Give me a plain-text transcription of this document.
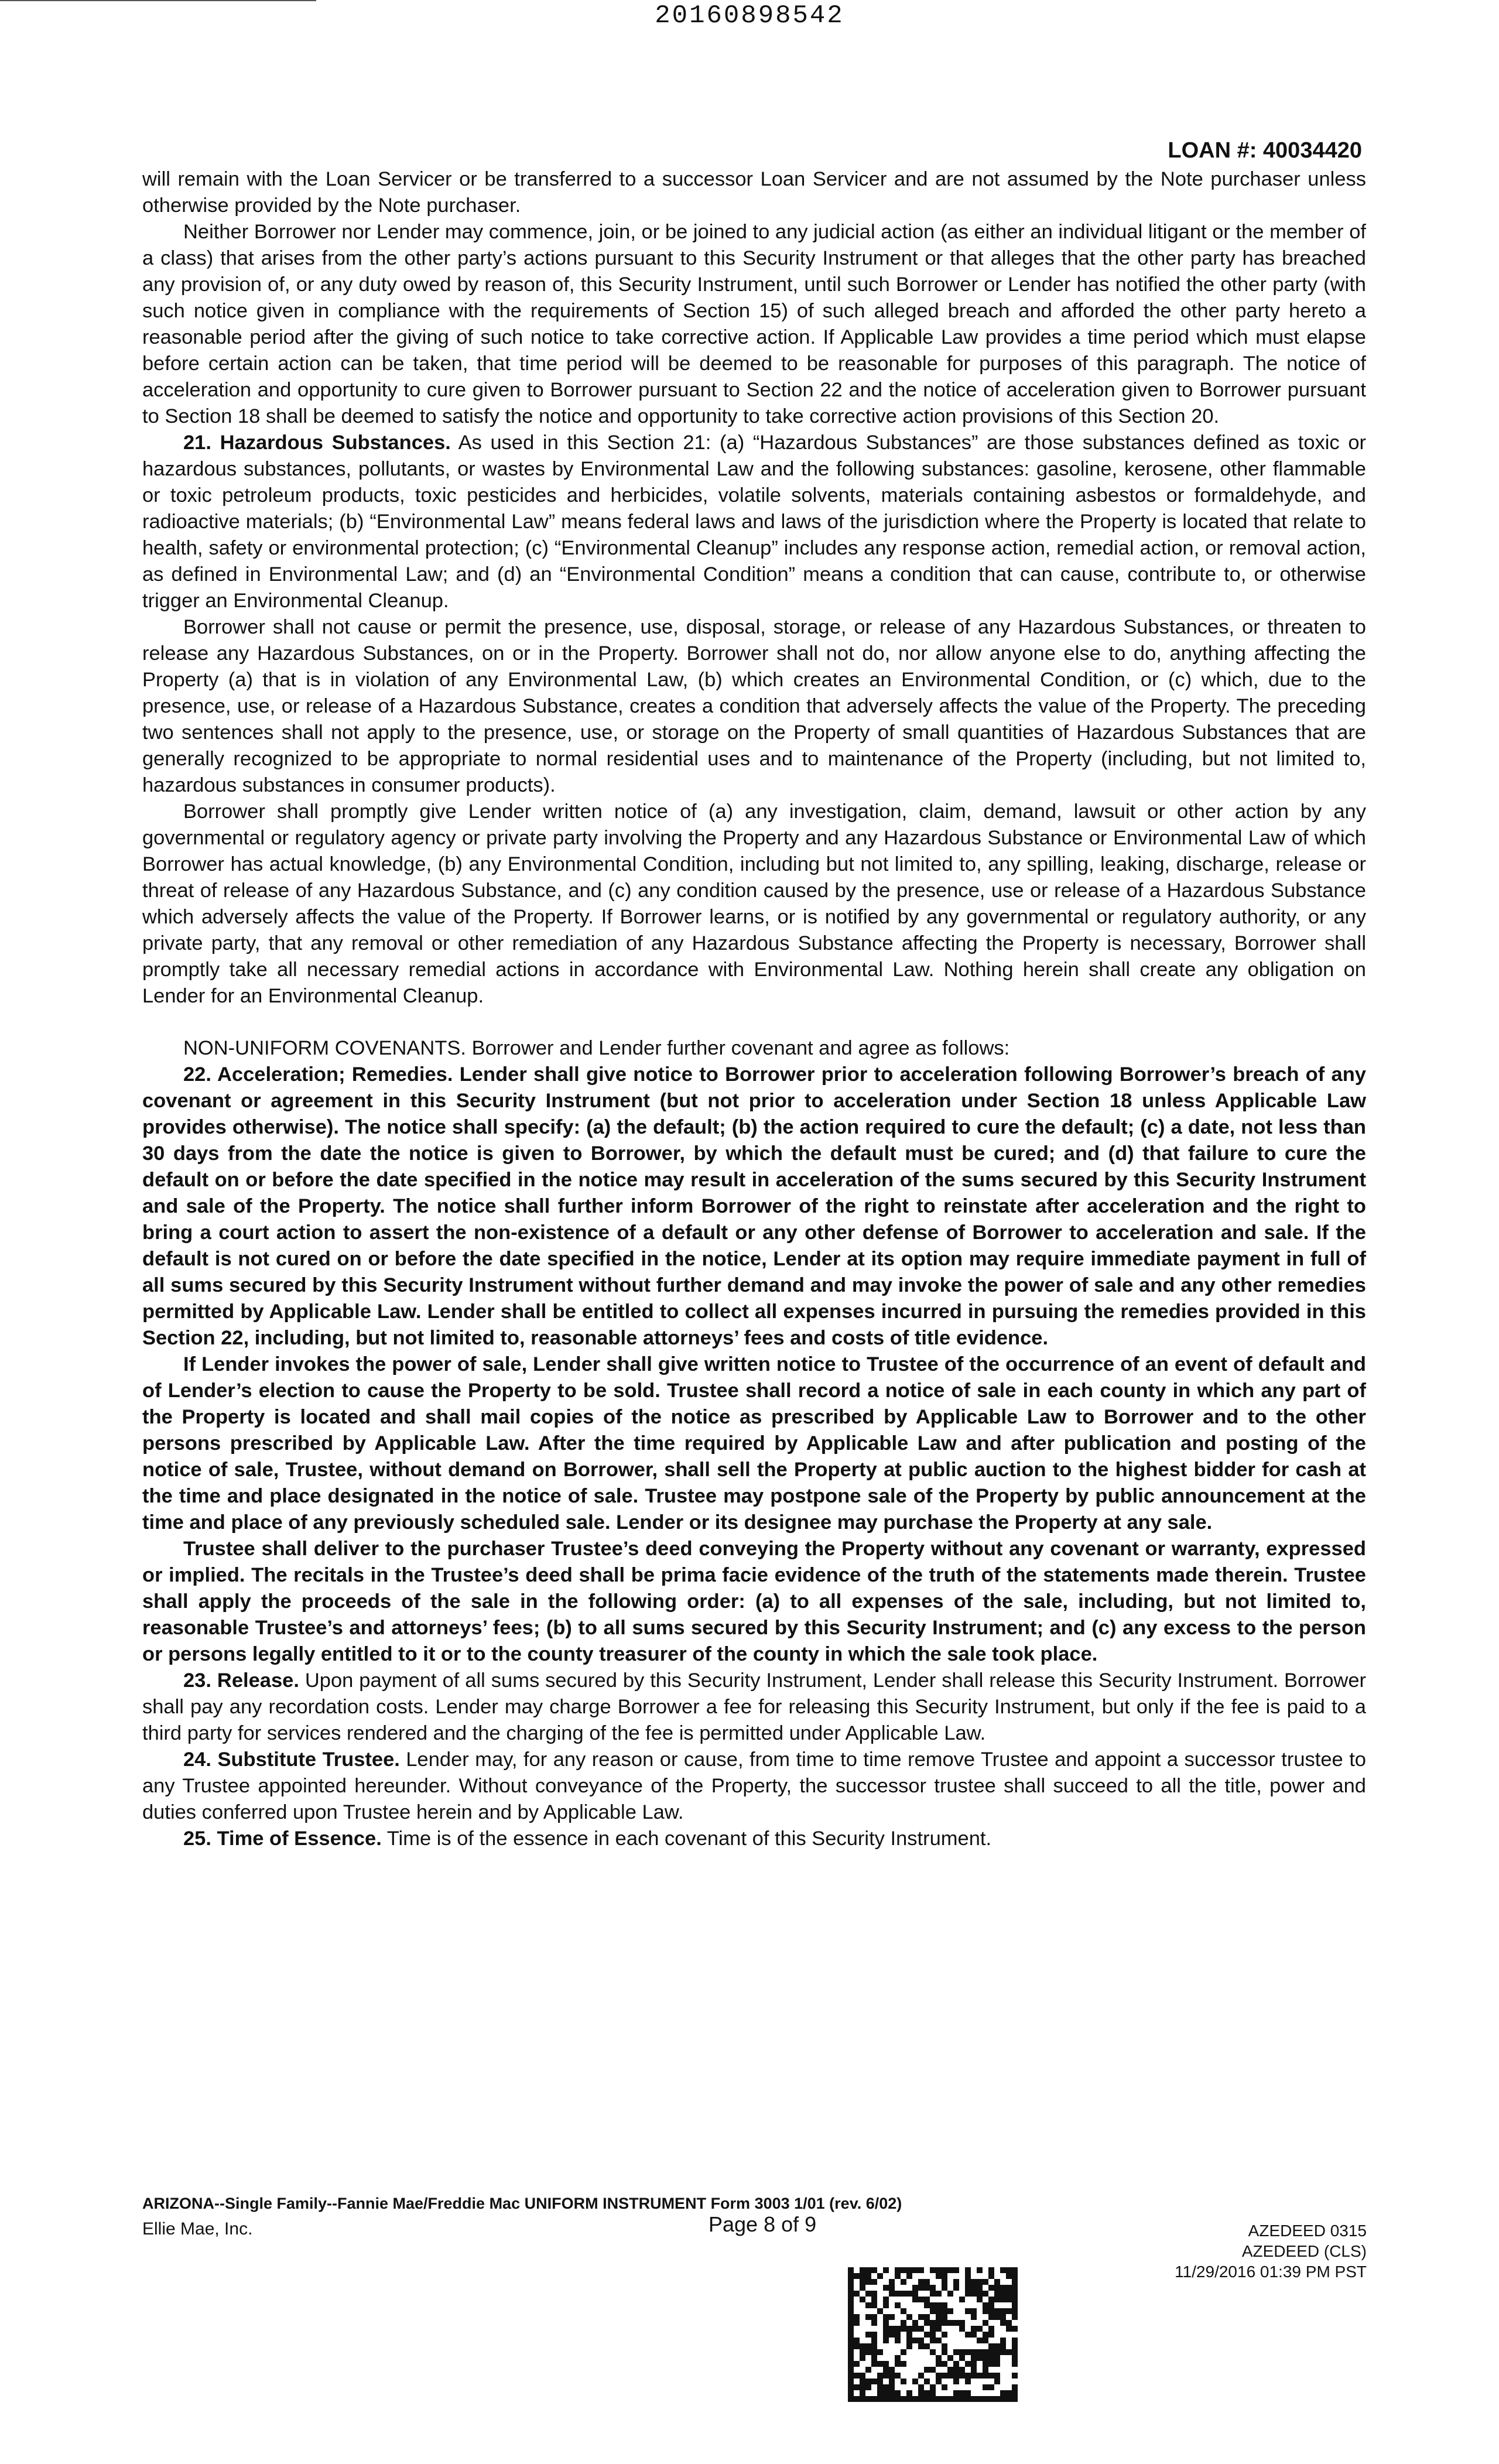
20160898542
LOAN #: 40034420

will remain with the Loan Servicer or be transferred to a successor Loan Servicer and are not assumed by the Note purchaser unless otherwise provided by the Note purchaser.

Neither Borrower nor Lender may commence, join, or be joined to any judicial action (as either an individual litigant or the member of a class) that arises from the other party’s actions pursuant to this Security Instrument or that alleges that the other party has breached any provision of, or any duty owed by reason of, this Security Instrument, until such Borrower or Lender has notified the other party (with such notice given in compliance with the requirements of Section 15) of such alleged breach and afforded the other party hereto a reasonable period after the giving of such notice to take corrective action. If Applicable Law provides a time period which must elapse before certain action can be taken, that time period will be deemed to be reasonable for purposes of this paragraph. The notice of acceleration and opportunity to cure given to Borrower pursuant to Section 22 and the notice of acceleration given to Borrower pursuant to Section 18 shall be deemed to satisfy the notice and opportunity to take corrective action provisions of this Section 20.

21. Hazardous Substances. As used in this Section 21: (a) “Hazardous Substances” are those substances defined as toxic or hazardous substances, pollutants, or wastes by Environmental Law and the following substances: gasoline, kerosene, other flammable or toxic petroleum products, toxic pesticides and herbicides, volatile solvents, materials containing asbestos or formaldehyde, and radioactive materials; (b) “Environmental Law” means federal laws and laws of the jurisdiction where the Property is located that relate to health, safety or environmental protection; (c) “Environmental Cleanup” includes any response action, remedial action, or removal action, as defined in Environmental Law; and (d) an “Environmental Condition” means a condition that can cause, contribute to, or otherwise trigger an Environmental Cleanup.

Borrower shall not cause or permit the presence, use, disposal, storage, or release of any Hazardous Substances, or threaten to release any Hazardous Substances, on or in the Property. Borrower shall not do, nor allow anyone else to do, anything affecting the Property (a) that is in violation of any Environmental Law, (b) which creates an Environmental Condition, or (c) which, due to the presence, use, or release of a Hazardous Substance, creates a condition that adversely affects the value of the Property. The preceding two sentences shall not apply to the presence, use, or storage on the Property of small quantities of Hazardous Substances that are generally recognized to be appropriate to normal residential uses and to maintenance of the Property (including, but not limited to, hazardous substances in consumer products).

Borrower shall promptly give Lender written notice of (a) any investigation, claim, demand, lawsuit or other action by any governmental or regulatory agency or private party involving the Property and any Hazardous Substance or Environmental Law of which Borrower has actual knowledge, (b) any Environmental Condition, including but not limited to, any spilling, leaking, discharge, release or threat of release of any Hazardous Substance, and (c) any condition caused by the presence, use or release of a Hazardous Substance which adversely affects the value of the Property. If Borrower learns, or is notified by any governmental or regulatory authority, or any private party, that any removal or other remediation of any Hazardous Substance affecting the Property is necessary, Borrower shall promptly take all necessary remedial actions in accordance with Environmental Law. Nothing herein shall create any obligation on Lender for an Environmental Cleanup.

NON-UNIFORM COVENANTS. Borrower and Lender further covenant and agree as follows:

22. Acceleration; Remedies. Lender shall give notice to Borrower prior to acceleration following Borrower’s breach of any covenant or agreement in this Security Instrument (but not prior to acceleration under Section 18 unless Applicable Law provides otherwise). The notice shall specify: (a) the default; (b) the action required to cure the default; (c) a date, not less than 30 days from the date the notice is given to Borrower, by which the default must be cured; and (d) that failure to cure the default on or before the date specified in the notice may result in acceleration of the sums secured by this Security Instrument and sale of the Property. The notice shall further inform Borrower of the right to reinstate after acceleration and the right to bring a court action to assert the non-existence of a default or any other defense of Borrower to acceleration and sale. If the default is not cured on or before the date specified in the notice, Lender at its option may require immediate payment in full of all sums secured by this Security Instrument without further demand and may invoke the power of sale and any other remedies permitted by Applicable Law. Lender shall be entitled to collect all expenses incurred in pursuing the remedies provided in this Section 22, including, but not limited to, reasonable attorneys’ fees and costs of title evidence.

If Lender invokes the power of sale, Lender shall give written notice to Trustee of the occurrence of an event of default and of Lender’s election to cause the Property to be sold. Trustee shall record a notice of sale in each county in which any part of the Property is located and shall mail copies of the notice as prescribed by Applicable Law to Borrower and to the other persons prescribed by Applicable Law. After the time required by Applicable Law and after publication and posting of the notice of sale, Trustee, without demand on Borrower, shall sell the Property at public auction to the highest bidder for cash at the time and place designated in the notice of sale. Trustee may postpone sale of the Property by public announcement at the time and place of any previously scheduled sale. Lender or its designee may purchase the Property at any sale.

Trustee shall deliver to the purchaser Trustee’s deed conveying the Property without any covenant or warranty, expressed or implied. The recitals in the Trustee’s deed shall be prima facie evidence of the truth of the statements made therein. Trustee shall apply the proceeds of the sale in the following order: (a) to all expenses of the sale, including, but not limited to, reasonable Trustee’s and attorneys’ fees; (b) to all sums secured by this Security Instrument; and (c) any excess to the person or persons legally entitled to it or to the county treasurer of the county in which the sale took place.

23. Release. Upon payment of all sums secured by this Security Instrument, Lender shall release this Security Instrument. Borrower shall pay any recordation costs. Lender may charge Borrower a fee for releasing this Security Instrument, but only if the fee is paid to a third party for services rendered and the charging of the fee is permitted under Applicable Law.

24. Substitute Trustee. Lender may, for any reason or cause, from time to time remove Trustee and appoint a successor trustee to any Trustee appointed hereunder. Without conveyance of the Property, the successor trustee shall succeed to all the title, power and duties conferred upon Trustee herein and by Applicable Law.

25. Time of Essence. Time is of the essence in each covenant of this Security Instrument.

ARIZONA--Single Family--Fannie Mae/Freddie Mac UNIFORM INSTRUMENT Form 3003 1/01 (rev. 6/02)
Ellie Mae, Inc.	Page 8 of 9	AZEDEED 0315
AZEDEED (CLS)
11/29/2016 01:39 PM PST
